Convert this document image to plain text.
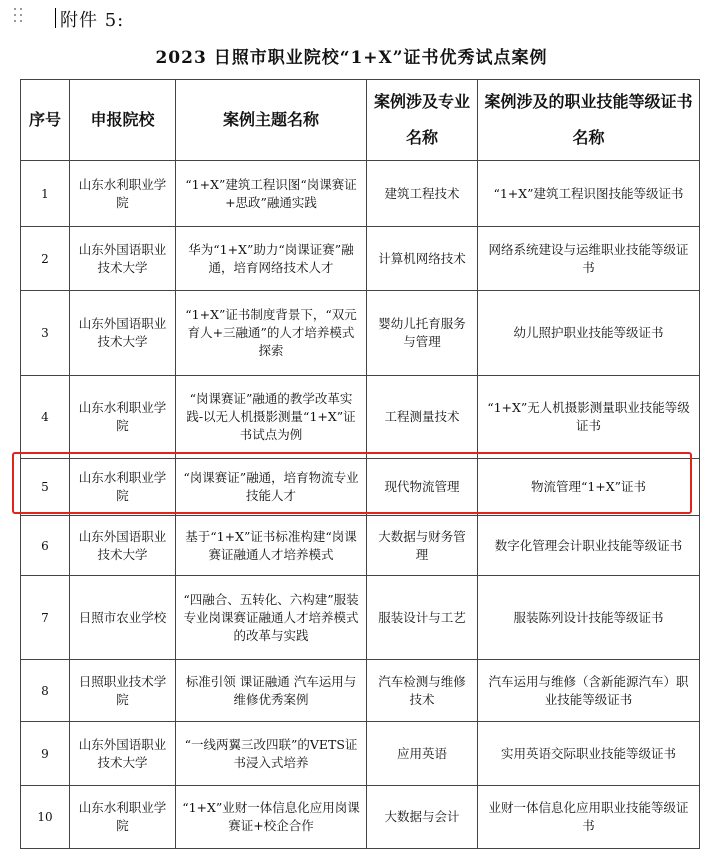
附件 5:
2023 日照市职业院校“1+X”证书优秀试点案例
序号	申报院校	案例主题名称	案例涉及专业名称	案例涉及的职业技能等级证书名称
1	山东水利职业学院	“1+X”建筑工程识图“岗课赛证+思政”融通实践	建筑工程技术	“1+X”建筑工程识图技能等级证书
2	山东外国语职业技术大学	华为“1+X”助力“岗课证赛”融通，培育网络技术人才	计算机网络技术	网络系统建设与运维职业技能等级证书
3	山东外国语职业技术大学	“1+X”证书制度背景下，“双元育人+三融通”的人才培养模式探索	婴幼儿托育服务与管理	幼儿照护职业技能等级证书
4	山东水利职业学院	“岗课赛证”融通的教学改革实践-以无人机摄影测量“1+X”证书试点为例	工程测量技术	“1+X”无人机摄影测量职业技能等级证书
5	山东水利职业学院	“岗课赛证”融通，培育物流专业技能人才	现代物流管理	物流管理“1+X”证书
6	山东外国语职业技术大学	基于“1+X”证书标准构建“岗课赛证融通人才培养模式	大数据与财务管理	数字化管理会计职业技能等级证书
7	日照市农业学校	“四融合、五转化、六构建”服装专业岗课赛证融通人才培养模式的改革与实践	服装设计与工艺	服装陈列设计技能等级证书
8	日照职业技术学院	标准引领 课证融通 汽车运用与维修优秀案例	汽车检测与维修技术	汽车运用与维修（含新能源汽车）职业技能等级证书
9	山东外国语职业技术大学	“一线两翼三改四联”的VETS证书浸入式培养	应用英语	实用英语交际职业技能等级证书
10	山东水利职业学院	“1+X”业财一体信息化应用岗课赛证+校企合作	大数据与会计	业财一体信息化应用职业技能等级证书
